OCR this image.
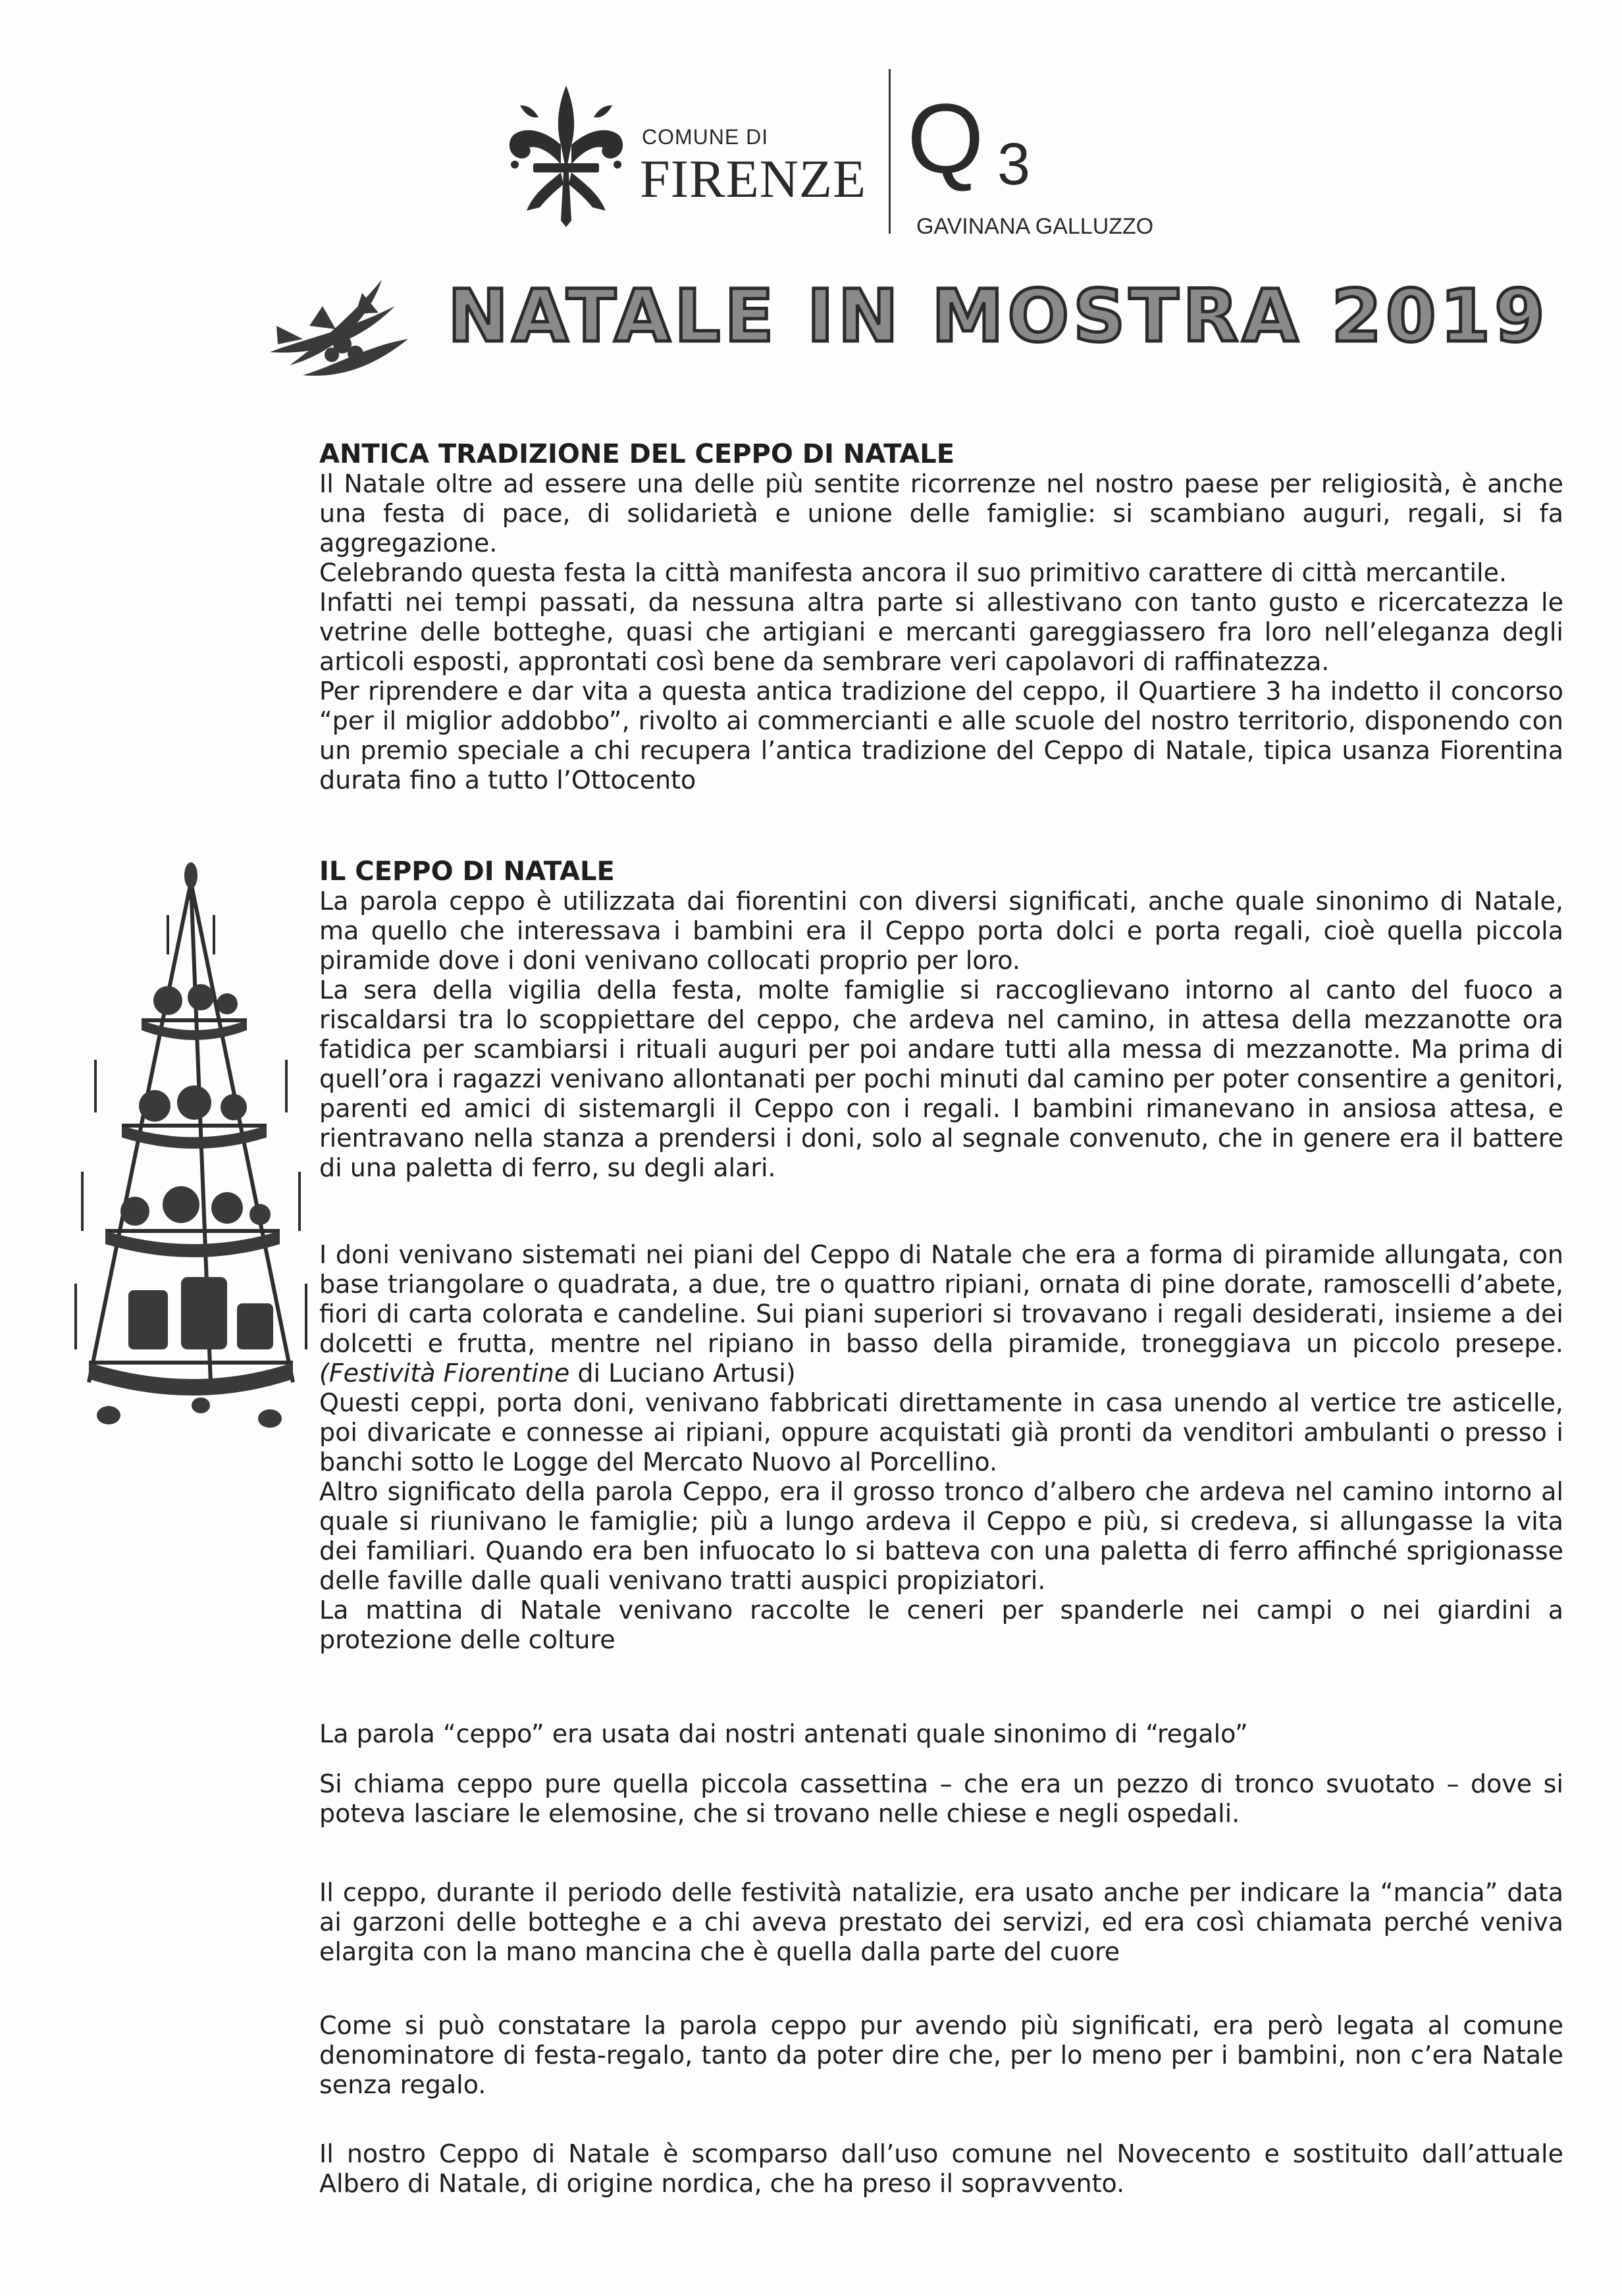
COMUNE DI
FIRENZE Q 3
GAVINANA GALLUZZO
NATALE IN MOSTRA 2019
ANTICA TRADIZIONE DEL CEPPO DI NATALE

Il Natale oltre ad essere una delle più sentite ricorrenze nel nostro paese per religiosità, è anche una festa di pace, di solidarietà e unione delle famiglie: si scambiano auguri, regali, si fa aggregazione.

Celebrando questa festa la città manifesta ancora il suo primitivo carattere di città mercantile.

Infatti nei tempi passati, da nessuna altra parte si allestivano con tanto gusto e ricercatezza le vetrine delle botteghe, quasi che artigiani e mercanti gareggiassero fra loro nell’eleganza degli articoli esposti, approntati così bene da sembrare veri capolavori di raffinatezza.

Per riprendere e dar vita a questa antica tradizione del ceppo, il Quartiere 3 ha indetto il concorso “per il miglior addobbo”, rivolto ai commercianti e alle scuole del nostro territorio, disponendo con un premio speciale a chi recupera l’antica tradizione del Ceppo di Natale, tipica usanza Fiorentina durata fino a tutto l’Ottocento

IL CEPPO DI NATALE

La parola ceppo è utilizzata dai fiorentini con diversi significati, anche quale sinonimo di Natale, ma quello che interessava i bambini era il Ceppo porta dolci e porta regali, cioè quella piccola piramide dove i doni venivano collocati proprio per loro.

La sera della vigilia della festa, molte famiglie si raccoglievano intorno al canto del fuoco a riscaldarsi tra lo scoppiettare del ceppo, che ardeva nel camino, in attesa della mezzanotte ora fatidica per scambiarsi i rituali auguri per poi andare tutti alla messa di mezzanotte. Ma prima di quell’ora i ragazzi venivano allontanati per pochi minuti dal camino per poter consentire a genitori, parenti ed amici di sistemargli il Ceppo con i regali. I bambini rimanevano in ansiosa attesa, e rientravano nella stanza a prendersi i doni, solo al segnale convenuto, che in genere era il battere di una paletta di ferro, su degli alari.

I doni venivano sistemati nei piani del Ceppo di Natale che era a forma di piramide allungata, con base triangolare o quadrata, a due, tre o quattro ripiani, ornata di pine dorate, ramoscelli d’abete, fiori di carta colorata e candeline. Sui piani superiori si trovavano i regali desiderati, insieme a dei dolcetti e frutta, mentre nel ripiano in basso della piramide, troneggiava un piccolo presepe.(Festività Fiorentine di Luciano Artusi)

Questi ceppi, porta doni, venivano fabbricati direttamente in casa unendo al vertice tre asticelle, poi divaricate e connesse ai ripiani, oppure acquistati già pronti da venditori ambulanti o presso i banchi sotto le Logge del Mercato Nuovo al Porcellino.

Altro significato della parola Ceppo, era il grosso tronco d’albero che ardeva nel camino intorno al quale si riunivano le famiglie; più a lungo ardeva il Ceppo e più, si credeva, si allungasse la vita dei familiari. Quando era ben infuocato lo si batteva con una paletta di ferro affinché sprigionasse delle faville dalle quali venivano tratti auspici propiziatori.

La mattina di Natale venivano raccolte le ceneri per spanderle nei campi o nei giardini a protezione delle colture

La parola “ceppo” era usata dai nostri antenati quale sinonimo di “regalo”

Si chiama ceppo pure quella piccola cassettina – che era un pezzo di tronco svuotato – dove si poteva lasciare le elemosine, che si trovano nelle chiese e negli ospedali.

Il ceppo, durante il periodo delle festività natalizie, era usato anche per indicare la “mancia” data ai garzoni delle botteghe e a chi aveva prestato dei servizi, ed era così chiamata perché veniva elargita con la mano mancina che è quella dalla parte del cuore

Come si può constatare la parola ceppo pur avendo più significati, era però legata al comune denominatore di festa-regalo, tanto da poter dire che, per lo meno per i bambini, non c’era Natale senza regalo.

Il nostro Ceppo di Natale è scomparso dall’uso comune nel Novecento e sostituito dall’attuale Albero di Natale, di origine nordica, che ha preso il sopravvento.
